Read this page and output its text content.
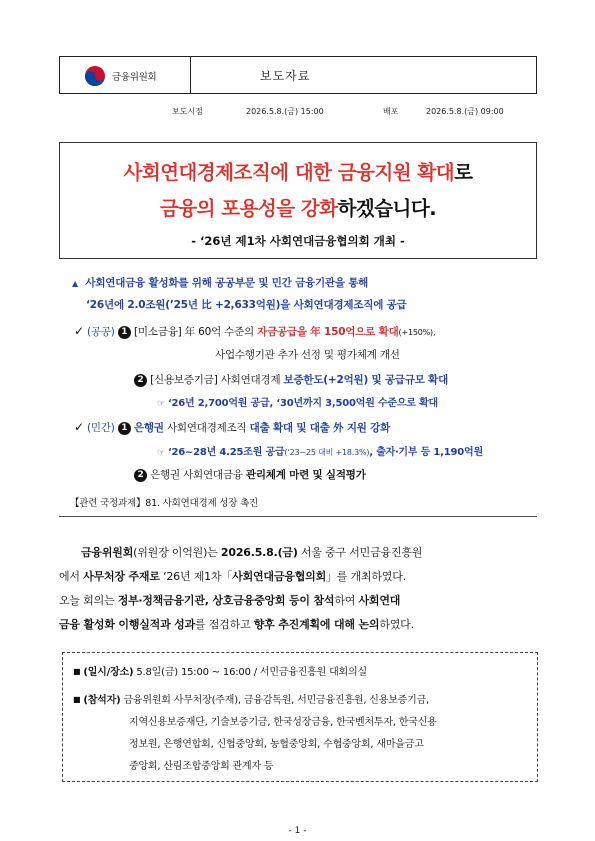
금융위원회	보도자료
보도시점	2026.5.8.(금) 15:00	배포	2026.5.8.(금) 09:00
사회연대경제조직에 대한 금융지원 확대로
금융의 포용성을 강화하겠습니다.
- ‘26년 제1차 사회연대금융협의회 개최 -
▲ 사회연대금융 활성화를 위해 공공부문 및 민간 금융기관을 통해
‘26년에 2.0조원(’25년 比 +2,633억원)을 사회연대경제조직에 공급
✓ (공공) 1 [미소금융] 年 60억 수준의 자금공급을 年 150억으로 확대(+150%),
사업수행기관 추가 선정 및 평가체계 개선
2 [신용보증기금] 사회연대경제 보증한도(+2억원) 및 공급규모 확대
☞ ‘26년 2,700억원 공급, ‘30년까지 3,500억원 수준으로 확대
✓ (민간) 1 은행권 사회연대경제조직 대출 확대 및 대출 外 지원 강화
☞ ‘26~28년 4.25조원 공급(‘23~25 대비 +18.3%), 출자‧기부 등 1,190억원
2 은행권 사회연대금융 관리체계 마련 및 실적평가
【관련 국정과제】81. 사회연대경제 성장 촉진
금융위원회(위원장 이억원)는 2026.5.8.(금) 서울 중구 서민금융진흥원
에서 사무처장 주재로 ‘26년 제1차「사회연대금융협의회」를 개최하였다.
오늘 회의는 정부‧정책금융기관, 상호금융중앙회 등이 참석하여 사회연대
금융 활성화 이행실적과 성과를 점검하고 향후 추진계획에 대해 논의하였다.
■ (일시/장소) 5.8일(금) 15:00 ~ 16:00 / 서민금융진흥원 대회의실
■ (참석자) 금융위원회 사무처장(주재), 금융감독원, 서민금융진흥원, 신용보증기금,
지역신용보증재단, 기술보증기금, 한국성장금융, 한국벤처투자, 한국신용
정보원, 은행연합회, 신협중앙회, 농협중앙회, 수협중앙회, 새마을금고
중앙회, 산림조합중앙회 관계자 등
- 1 -
